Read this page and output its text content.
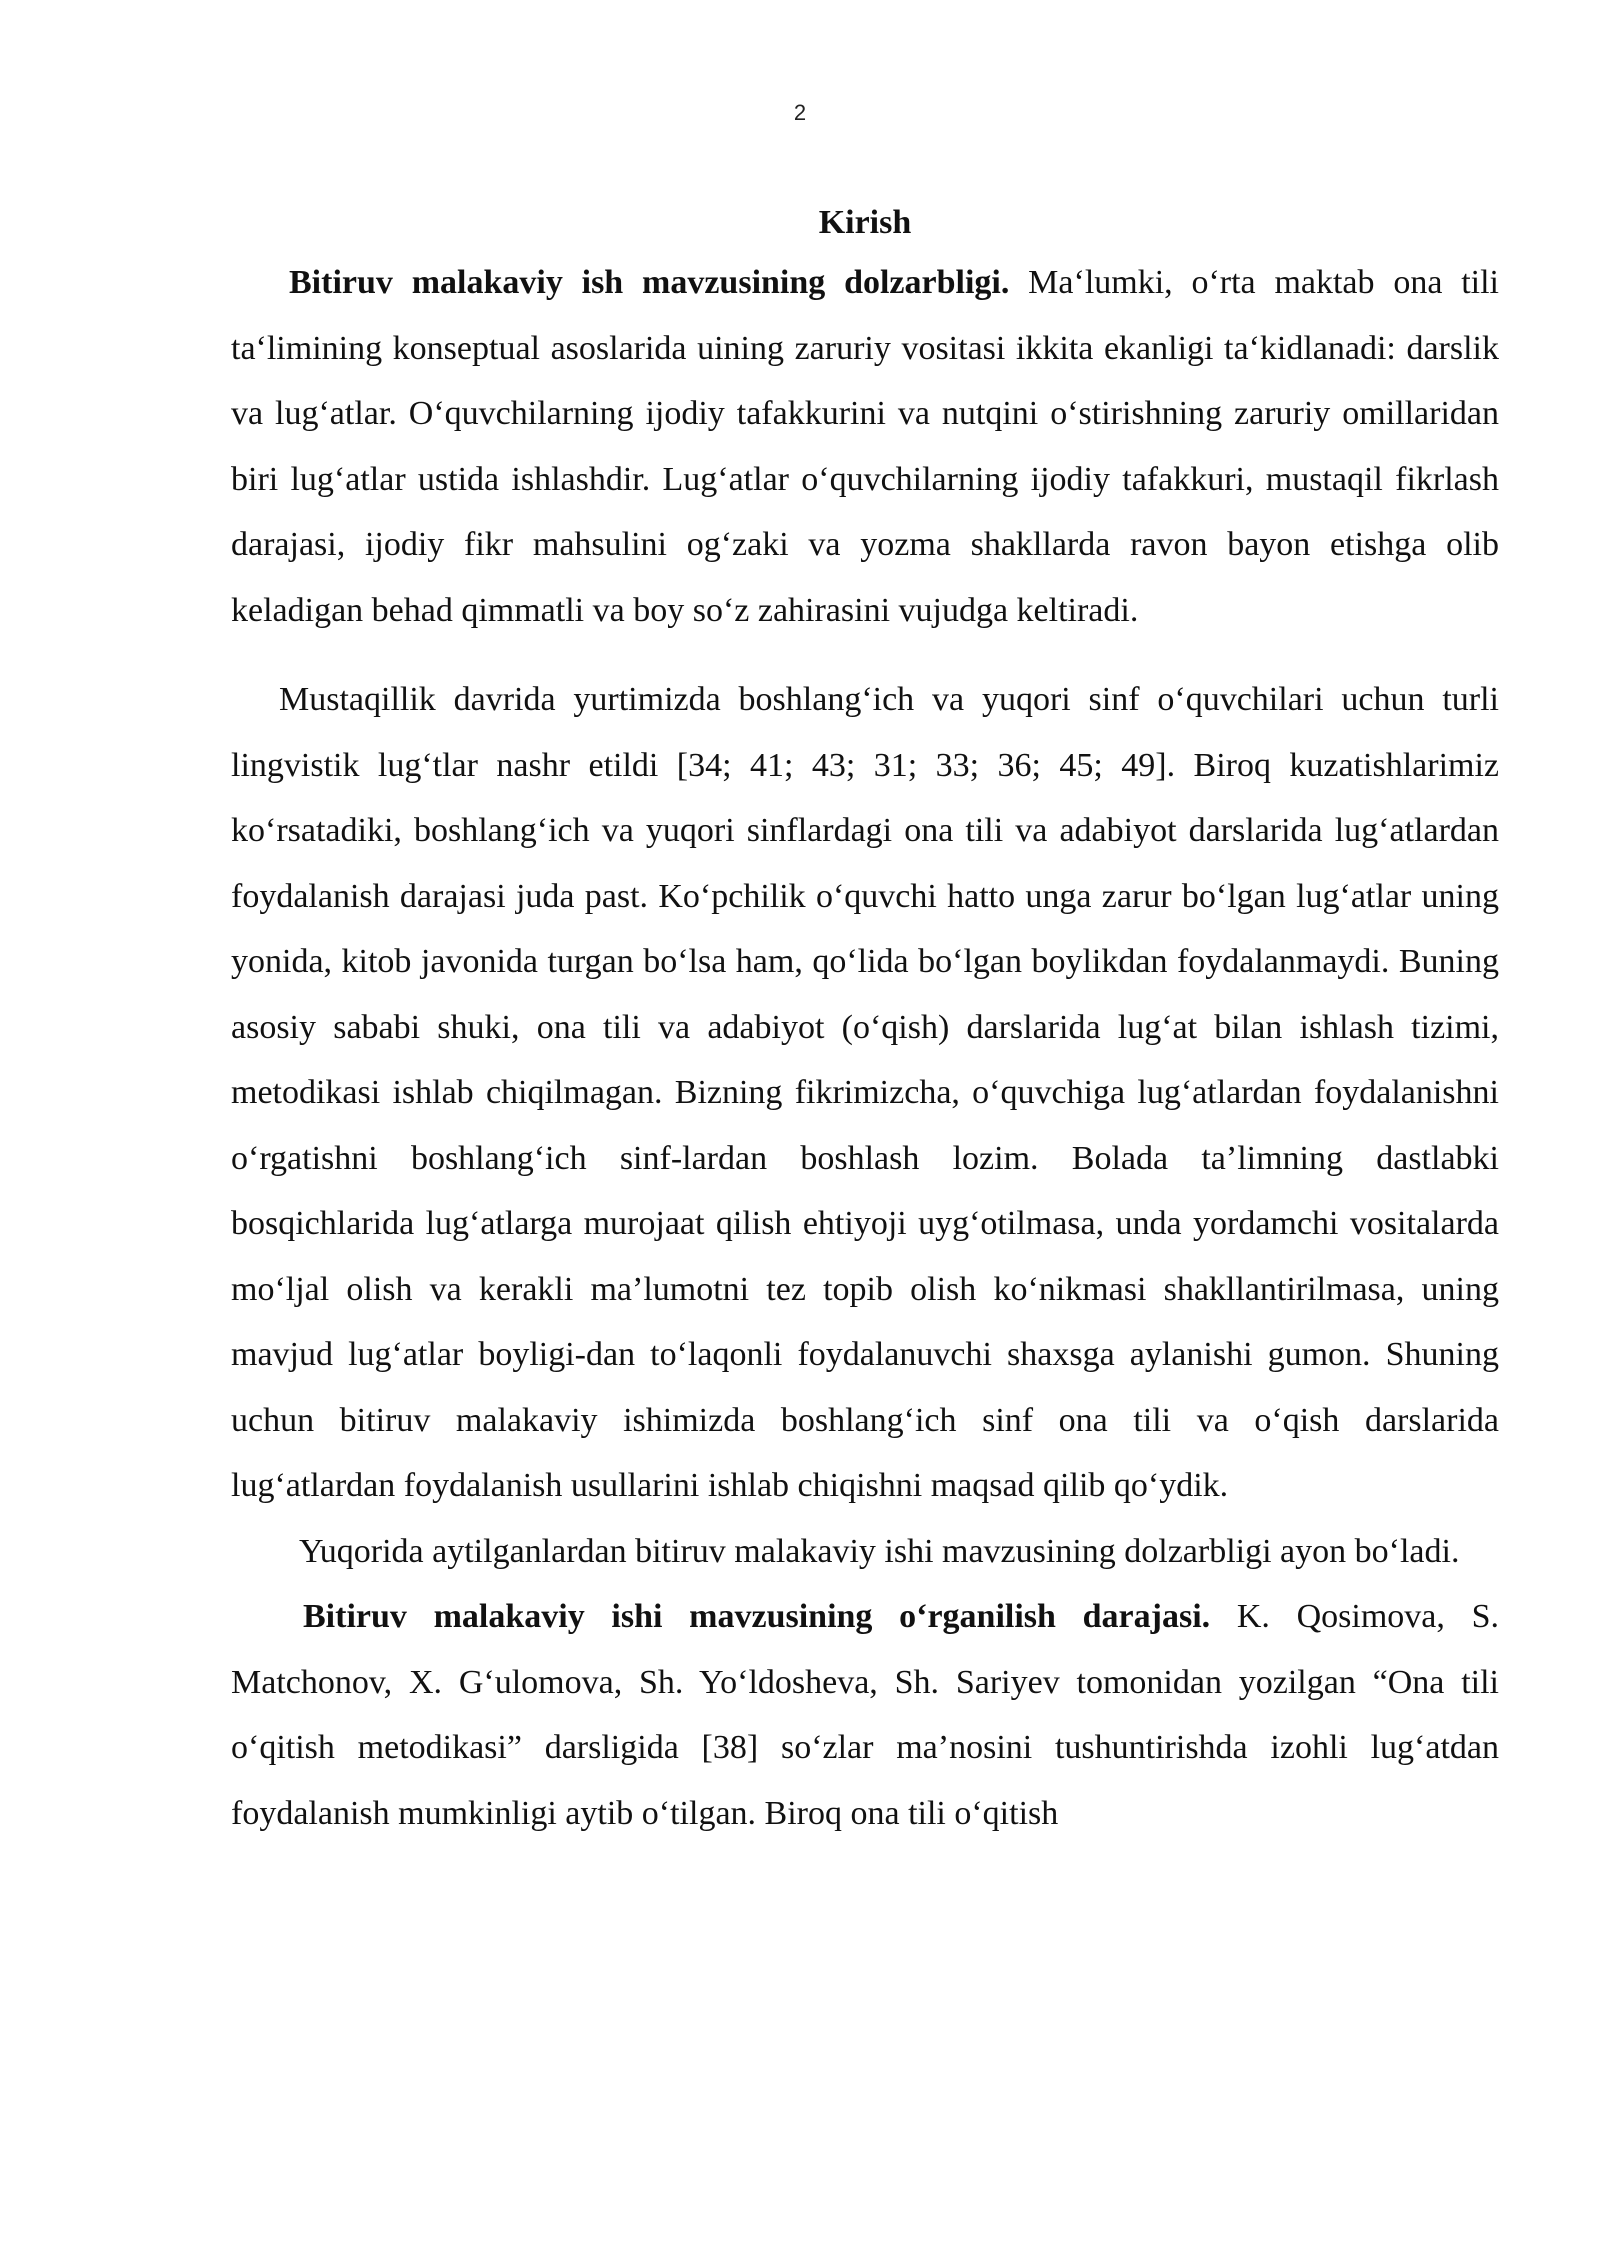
2

Kirish

Bitiruv malakaviy ish mavzusining dolzarbligi. Ma‘lumki, o‘rta maktab ona tili ta‘limining konseptual asoslarida uining zaruriy vositasi ikkita ekanligi ta‘kidlanadi: darslik va lug‘atlar. O‘quvchilarning ijodiy tafakkurini va nutqini o‘stirishning zaruriy omillaridan biri lug‘atlar ustida ishlashdir. Lug‘atlar o‘quvchilarning ijodiy tafakkuri, mustaqil fikrlash darajasi, ijodiy fikr mahsulini og‘zaki va yozma shakllarda ravon bayon etishga olib keladigan behad qimmatli va boy so‘z zahirasini vujudga keltiradi.

Mustaqillik davrida yurtimizda boshlang‘ich va yuqori sinf o‘quvchilari uchun turli lingvistik lug‘tlar nashr etildi [34; 41; 43; 31; 33; 36; 45; 49]. Biroq kuzatishlarimiz ko‘rsatadiki, boshlang‘ich va yuqori sinflardagi ona tili va adabiyot darslarida lug‘atlardan foydalanish darajasi juda past. Ko‘pchilik o‘quvchi hatto unga zarur bo‘lgan lug‘atlar uning yonida, kitob javonida turgan bo‘lsa ham, qo‘lida bo‘lgan boylikdan foydalanmaydi. Buning asosiy sababi shuki, ona tili va adabiyot (o‘qish) darslarida lug‘at bilan ishlash tizimi, metodikasi ishlab chiqilmagan. Bizning fikrimizcha, o‘quvchiga lug‘atlardan foydalanishni o‘rgatishni boshlang‘ich sinf-lardan boshlash lozim. Bolada ta’limning dastlabki bosqichlarida lug‘atlarga murojaat qilish ehtiyoji uyg‘otilmasa, unda yordamchi vositalarda mo‘ljal olish va kerakli ma’lumotni tez topib olish ko‘nikmasi shakllantirilmasa, uning mavjud lug‘atlar boyligi-dan to‘laqonli foydalanuvchi shaxsga aylanishi gumon. Shuning uchun bitiruv malakaviy ishimizda boshlang‘ich sinf ona tili va o‘qish darslarida lug‘atlardan foydalanish usullarini ishlab chiqishni maqsad qilib qo‘ydik.

Yuqorida aytilganlardan bitiruv malakaviy ishi mavzusining dolzarbligi ayon bo‘ladi.

Bitiruv malakaviy ishi mavzusining o‘rganilish darajasi. K. Qosimova, S. Matchonov, X. G‘ulomova, Sh. Yo‘ldosheva, Sh. Sariyev tomonidan yozilgan “Ona tili o‘qitish metodikasi” darsligida [38] so‘zlar ma’nosini tushuntirishda izohli lug‘atdan foydalanish mumkinligi aytib o‘tilgan. Biroq ona tili o‘qitish
